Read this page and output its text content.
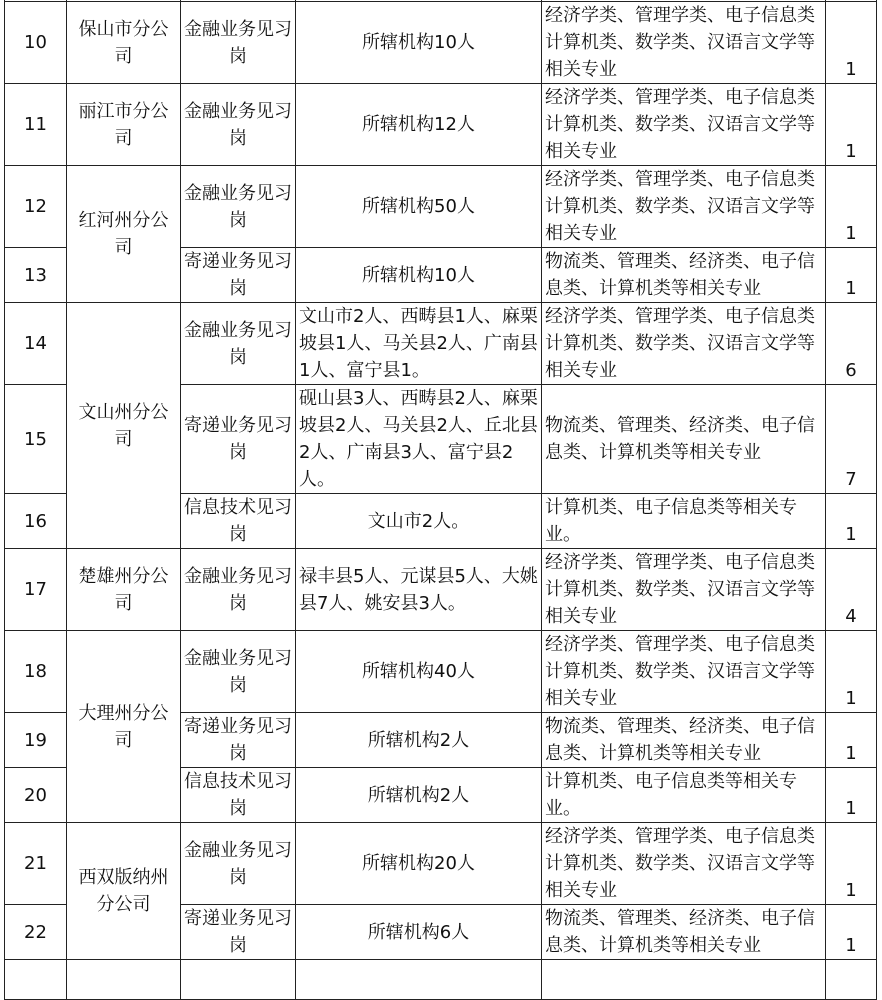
10	保山市分公司	金融业务见习岗	所辖机构10人	经济学类、管理学类、电子信息类计算机类、数学类、汉语言文学等相关专业	1
11	丽江市分公司	金融业务见习岗	所辖机构12人	经济学类、管理学类、电子信息类计算机类、数学类、汉语言文学等相关专业	1
12	红河州分公司	金融业务见习岗	所辖机构50人	经济学类、管理学类、电子信息类计算机类、数学类、汉语言文学等相关专业	1
13		寄递业务见习岗	所辖机构10人	物流类、管理类、经济类、电子信息类、计算机类等相关专业	1
14	文山州分公司	金融业务见习岗	文山市2人、西畴县1人、麻栗坡县1人、马关县2人、广南县1人、富宁县1。	经济学类、管理学类、电子信息类计算机类、数学类、汉语言文学等相关专业	6
15		寄递业务见习岗	砚山县3人、西畴县2人、麻栗坡县2人、马关县2人、丘北县2人、广南县3人、富宁县2人。	物流类、管理类、经济类、电子信息类、计算机类等相关专业	7
16		信息技术见习岗	文山市2人。	计算机类、电子信息类等相关专业。	1
17	楚雄州分公司	金融业务见习岗	禄丰县5人、元谋县5人、大姚县7人、姚安县3人。	经济学类、管理学类、电子信息类计算机类、数学类、汉语言文学等相关专业	4
18	大理州分公司	金融业务见习岗	所辖机构40人	经济学类、管理学类、电子信息类计算机类、数学类、汉语言文学等相关专业	1
19		寄递业务见习岗	所辖机构2人	物流类、管理类、经济类、电子信息类、计算机类等相关专业	1
20		信息技术见习岗	所辖机构2人	计算机类、电子信息类等相关专业。	1
21	西双版纳州分公司	金融业务见习岗	所辖机构20人	经济学类、管理学类、电子信息类计算机类、数学类、汉语言文学等相关专业	1
22		寄递业务见习岗	所辖机构6人	物流类、管理类、经济类、电子信息类、计算机类等相关专业	1
